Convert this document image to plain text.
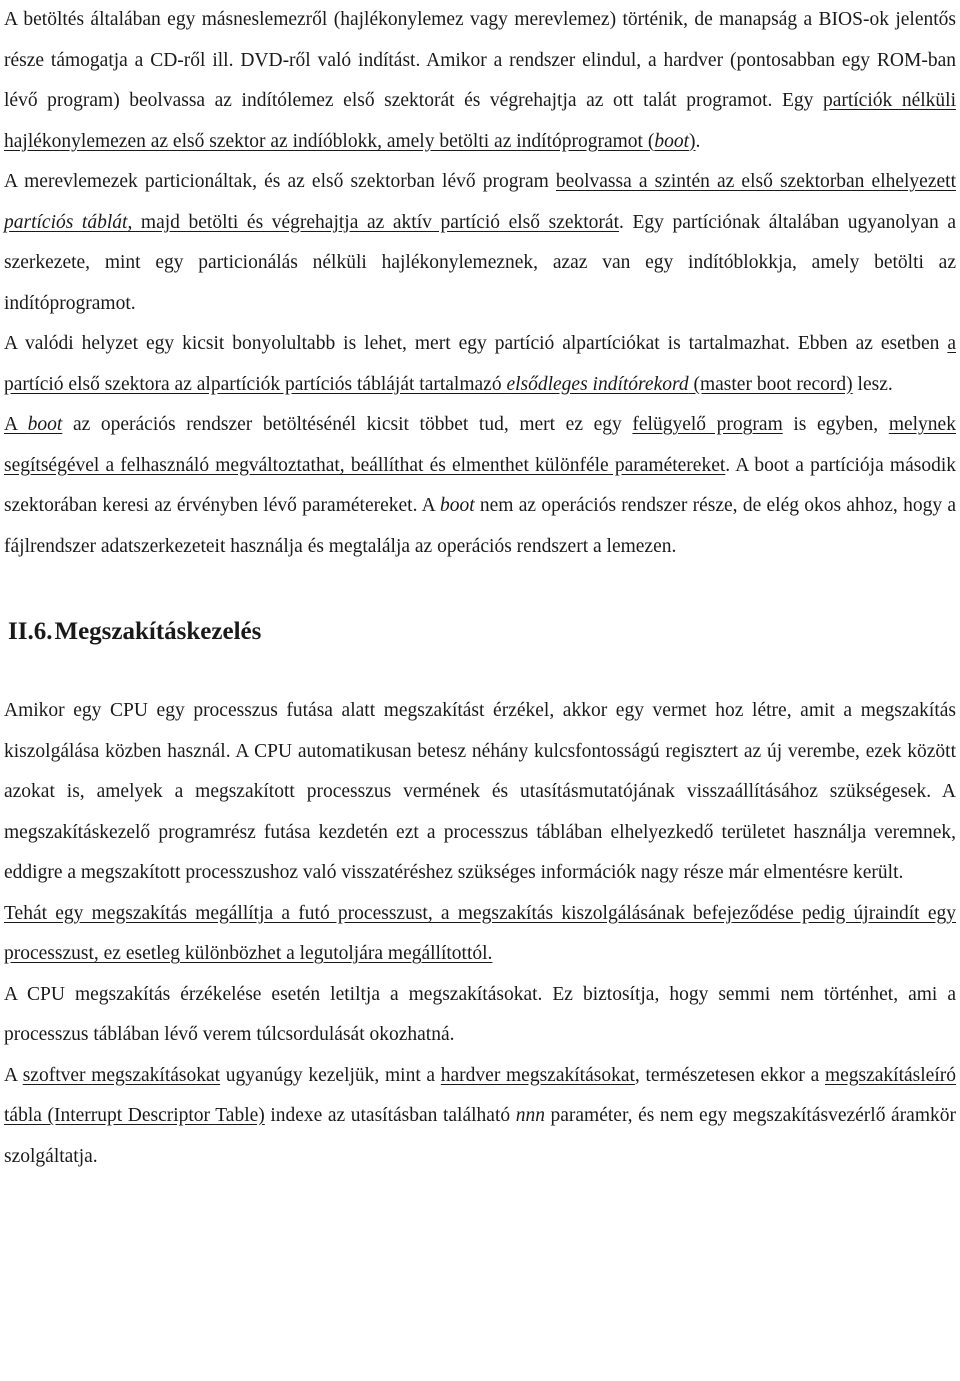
A betöltés általában egy másneslemezről (hajlékonylemez vagy merevlemez) történik, de manapság a BIOS-ok jelentős része támogatja a CD-ről ill. DVD-ről való indítást. Amikor a rendszer elindul, a hardver (pontosabban egy ROM-ban lévő program) beolvassa az indítólemez első szektorát és végrehajtja az ott talát programot. Egy partíciók nélküli hajlékonylemezen az első szektor az indíóblokk, amely betölti az indítóprogramot (boot).

A merevlemezek particionáltak, és az első szektorban lévő program beolvassa a szintén az első szektorban elhelyezett partíciós táblát, majd betölti és végrehajtja az aktív partíció első szektorát. Egy partíciónak általában ugyanolyan a szerkezete, mint egy particionálás nélküli hajlékonylemeznek, azaz van egy indítóblokkja, amely betölti az indítóprogramot.

A valódi helyzet egy kicsit bonyolultabb is lehet, mert egy partíció alpartíciókat is tartalmazhat. Ebben az esetben a partíció első szektora az alpartíciók partíciós tábláját tartalmazó elsődleges indítórekord (master boot record) lesz.

A boot az operációs rendszer betöltésénél kicsit többet tud, mert ez egy felügyelő program is egyben, melynek segítségével a felhasználó megváltoztathat, beállíthat és elmenthet különféle paramétereket. A boot a partíciója második szektorában keresi az érvényben lévő paramétereket. A boot nem az operációs rendszer része, de elég okos ahhoz, hogy a fájlrendszer adatszerkezeteit használja és megtalálja az operációs rendszert a lemezen.

II.6.Megszakításkezelés

Amikor egy CPU egy processzus futása alatt megszakítást érzékel, akkor egy vermet hoz létre, amit a megszakítás kiszolgálása közben használ. A CPU automatikusan betesz néhány kulcsfontosságú regisztert az új verembe, ezek között azokat is, amelyek a megszakított processzus vermének és utasításmutatójának visszaállításához szükségesek. A megszakításkezelő programrész futása kezdetén ezt a processzus táblában elhelyezkedő területet használja veremnek, eddigre a megszakított processzushoz való visszatéréshez szükséges információk nagy része már elmentésre került.

Tehát egy megszakítás megállítja a futó processzust, a megszakítás kiszolgálásának befejeződése pedig újraindít egy processzust, ez esetleg különbözhet a legutoljára megállítottól.

A CPU megszakítás érzékelése esetén letiltja a megszakításokat. Ez biztosítja, hogy semmi nem történhet, ami a processzus táblában lévő verem túlcsordulását okozhatná.

A szoftver megszakításokat ugyanúgy kezeljük, mint a hardver megszakításokat, természetesen ekkor a megszakításleíró tábla (Interrupt Descriptor Table) indexe az utasításban található nnn paraméter, és nem egy megszakításvezérlő áramkör szolgáltatja.
